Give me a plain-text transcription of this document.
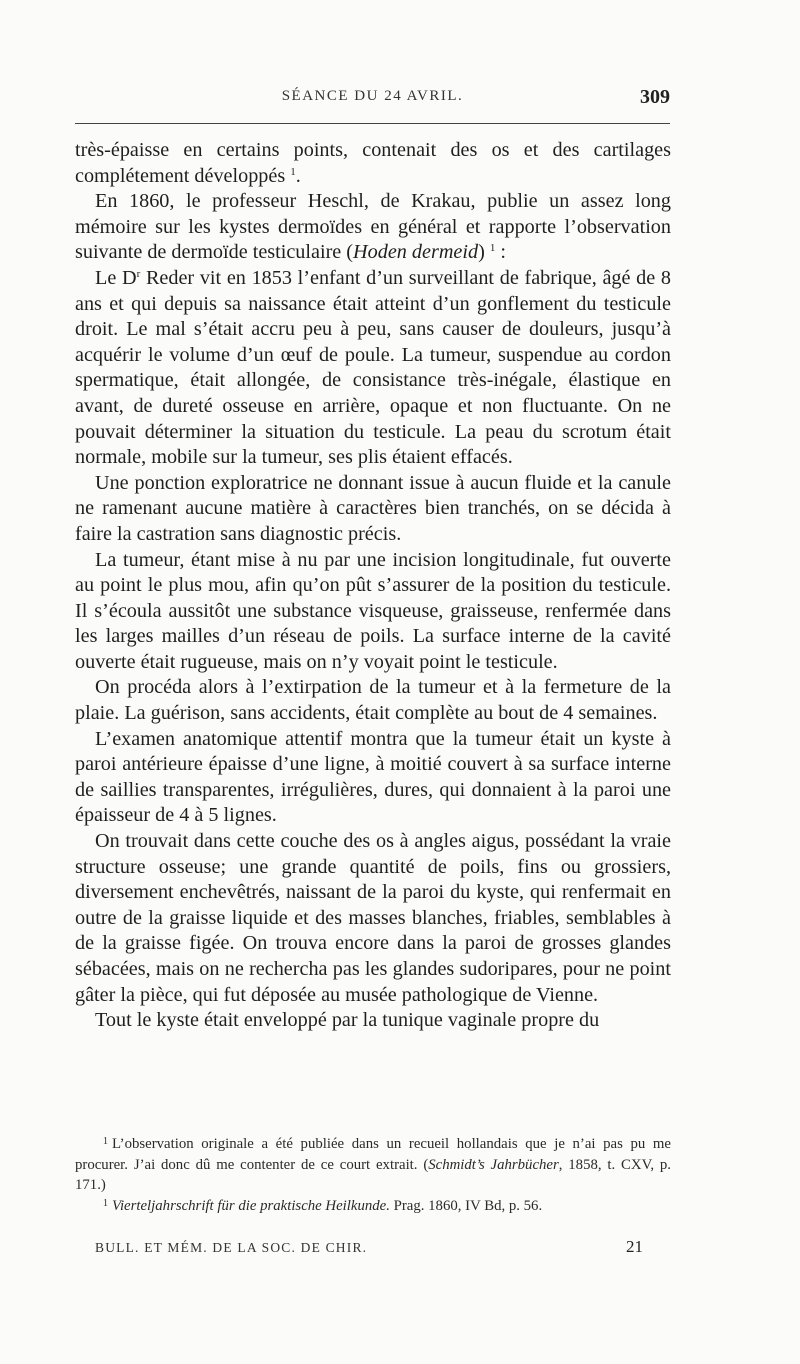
SÉANCE DU 24 AVRIL.	309

très-épaisse en certains points, contenait des os et des cartilages complétement développés $^1$.

En 1860, le professeur Heschl, de Krakau, publie un assez long mémoire sur les kystes dermoïdes en général et rapporte l’observation suivante de dermoïde testiculaire (Hoden dermeid) $^1$ :

Le $D^r$ Reder vit en 1853 l’enfant d’un surveillant de fabrique, âgé de 8 ans et qui depuis sa naissance était atteint d’un gonflement du testicule droit. Le mal s’était accru peu à peu, sans causer de douleurs, jusqu’à acquérir le volume d’un œuf de poule. La tumeur, suspendue au cordon spermatique, était allongée, de consistance très-inégale, élastique en avant, de dureté osseuse en arrière, opaque et non fluctuante. On ne pouvait déterminer la situation du testicule. La peau du scrotum était normale, mobile sur la tumeur, ses plis étaient effacés.

Une ponction exploratrice ne donnant issue à aucun fluide et la canule ne ramenant aucune matière à caractères bien tranchés, on se décida à faire la castration sans diagnostic précis.

La tumeur, étant mise à nu par une incision longitudinale, fut ouverte au point le plus mou, afin qu’on pût s’assurer de la position du testicule. Il s’écoula aussitôt une substance visqueuse, graisseuse, renfermée dans les larges mailles d’un réseau de poils. La surface interne de la cavité ouverte était rugueuse, mais on n’y voyait point le testicule.

On procéda alors à l’extirpation de la tumeur et à la fermeture de la plaie. La guérison, sans accidents, était complète au bout de 4 semaines.

L’examen anatomique attentif montra que la tumeur était un kyste à paroi antérieure épaisse d’une ligne, à moitié couvert à sa surface interne de saillies transparentes, irrégulières, dures, qui donnaient à la paroi une épaisseur de 4 à 5 lignes.

On trouvait dans cette couche des os à angles aigus, possédant la vraie structure osseuse; une grande quantité de poils, fins ou grossiers, diversement enchevêtrés, naissant de la paroi du kyste, qui renfermait en outre de la graisse liquide et des masses blanches, friables, semblables à de la graisse figée. On trouva encore dans la paroi de grosses glandes sébacées, mais on ne rechercha pas les glandes sudoripares, pour ne point gâter la pièce, qui fut déposée au musée pathologique de Vienne.

Tout le kyste était enveloppé par la tunique vaginale propre du

$^1$ L’observation originale a été publiée dans un recueil hollandais que je n’ai pas pu me procurer. J’ai donc dû me contenter de ce court extrait. (Schmidt’s Jahrbücher, 1858, t. CXV, p. 171.)

$^1$ Vierteljahrschrift für die praktische Heilkunde. Prag. 1860, IV Bd, p. 56.

BULL. ET MÉM. DE LA SOC. DE CHIR.	21
